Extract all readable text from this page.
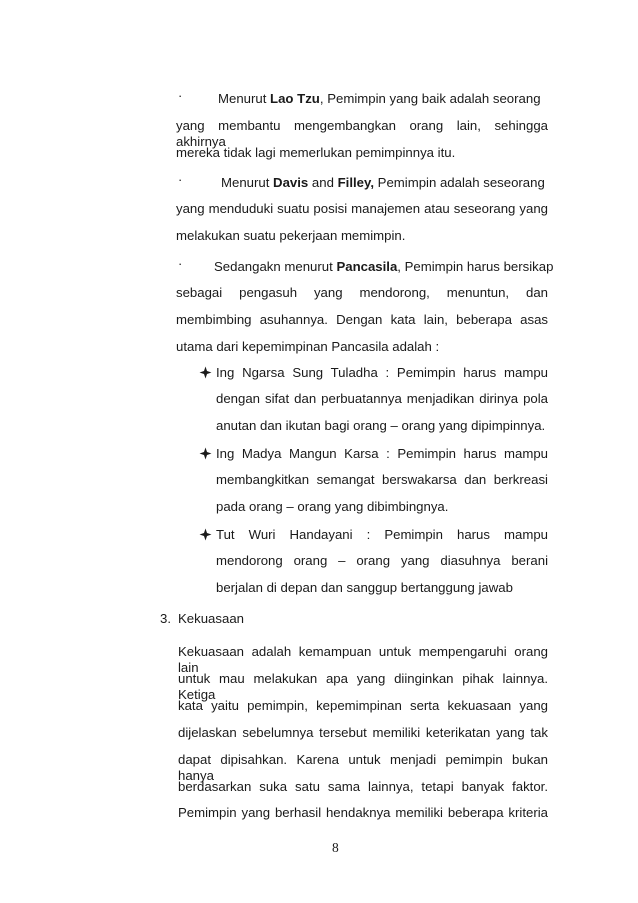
·	Menurut Lao Tzu, Pemimpin yang baik adalah seorang
yang membantu mengembangkan orang lain, sehingga akhirnya
mereka tidak lagi memerlukan pemimpinnya itu.
·	Menurut Davis and Filley, Pemimpin adalah seseorang
yang menduduki suatu posisi manajemen atau seseorang yang
melakukan suatu pekerjaan memimpin.
· Sedangakn menurut Pancasila, Pemimpin harus bersikap
sebagai pengasuh yang mendorong, menuntun, dan
membimbing asuhannya. Dengan kata lain, beberapa asas
utama dari kepemimpinan Pancasila adalah :
Ing Ngarsa Sung Tuladha : Pemimpin harus mampu
dengan sifat dan perbuatannya menjadikan dirinya pola
anutan dan ikutan bagi orang – orang yang dipimpinnya.
Ing Madya Mangun Karsa : Pemimpin harus mampu
membangkitkan semangat berswakarsa dan berkreasi
pada orang – orang yang dibimbingnya.
Tut Wuri Handayani : Pemimpin harus mampu
mendorong orang – orang yang diasuhnya berani
berjalan di depan dan sanggup bertanggung jawab
3. Kekuasaan
Kekuasaan adalah kemampuan untuk mempengaruhi orang lain
untuk mau melakukan apa yang diinginkan pihak lainnya. Ketiga
kata yaitu pemimpin, kepemimpinan serta kekuasaan yang
dijelaskan sebelumnya tersebut memiliki keterikatan yang tak
dapat dipisahkan. Karena untuk menjadi pemimpin bukan hanya
berdasarkan suka satu sama lainnya, tetapi banyak faktor.
Pemimpin yang berhasil hendaknya memiliki beberapa kriteria
8
